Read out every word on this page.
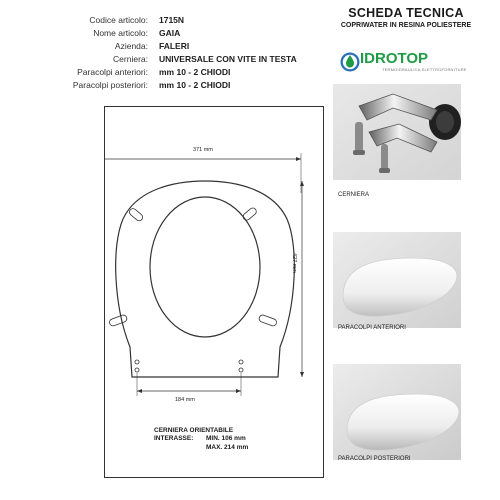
Codice articolo:	1715N
Nome articolo:	GAIA
Azienda:	FALERI
Cerniera:	UNIVERSALE CON VITE IN TESTA
Paracolpi anteriori:	mm 10 - 2 CHIODI
Paracolpi posteriori:	mm 10 - 2 CHIODI
SCHEDA TECNICA
COPRIWATER IN RESINA POLIESTERE
IDROTOP
TERMOIDRAULICA ELETTROFORNITURE
371 mm
427 mm
184 mm
CERNIERA ORIENTABILE
INTERASSE:	MIN. 106 mm
MAX. 214 mm
CERNIERA
PARACOLPI ANTERIORI
PARACOLPI POSTERIORI
